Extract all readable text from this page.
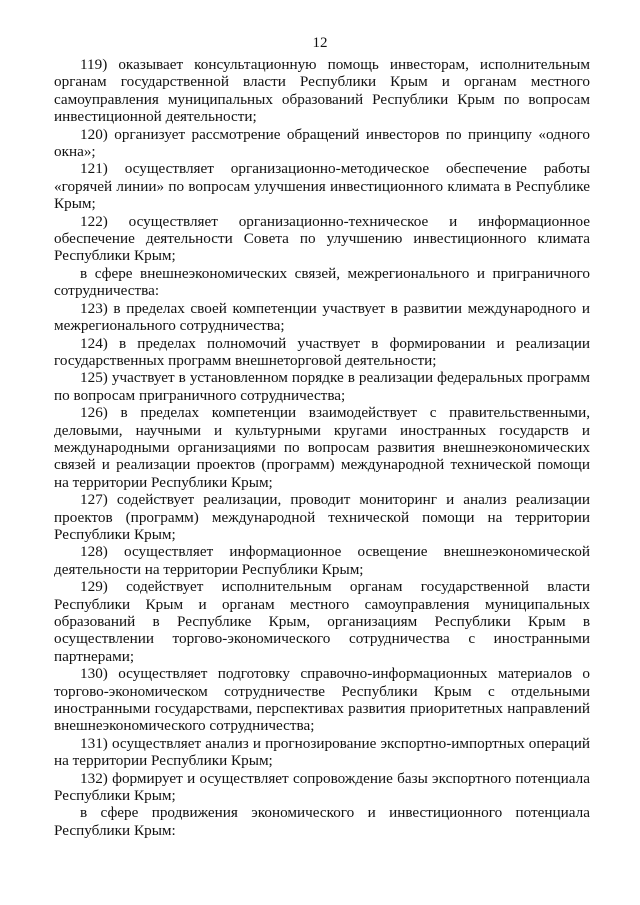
12

119) оказывает консультационную помощь инвесторам, исполнительным органам государственной власти Республики Крым и органам местного самоуправления муниципальных образований Республики Крым по вопросам инвестиционной деятельности;

120) организует рассмотрение обращений инвесторов по принципу «одного окна»;

121) осуществляет организационно-методическое обеспечение работы «горячей линии» по вопросам улучшения инвестиционного климата в Республике Крым;

122) осуществляет организационно-техническое и информационное обеспечение деятельности Совета по улучшению инвестиционного климата Республики Крым;

в сфере внешнеэкономических связей, межрегионального и приграничного сотрудничества:

123) в пределах своей компетенции участвует в развитии международного и межрегионального сотрудничества;

124) в пределах полномочий участвует в формировании и реализации государственных программ внешнеторговой деятельности;

125) участвует в установленном порядке в реализации федеральных программ по вопросам приграничного сотрудничества;

126) в пределах компетенции взаимодействует с правительственными, деловыми, научными и культурными кругами иностранных государств и международными организациями по вопросам развития внешнеэкономических связей и реализации проектов (программ) международной технической помощи на территории Республики Крым;

127) содействует реализации, проводит мониторинг и анализ реализации проектов (программ) международной технической помощи на территории Республики Крым;

128) осуществляет информационное освещение внешнеэкономической деятельности на территории Республики Крым;

129) содействует исполнительным органам государственной власти Республики Крым и органам местного самоуправления муниципальных образований в Республике Крым, организациям Республики Крым в осуществлении торгово-экономического сотрудничества с иностранными партнерами;

130) осуществляет подготовку справочно-информационных материалов о торгово-экономическом сотрудничестве Республики Крым с отдельными иностранными государствами, перспективах развития приоритетных направлений внешнеэкономического сотрудничества;

131) осуществляет анализ и прогнозирование экспортно-импортных операций на территории Республики Крым;

132) формирует и осуществляет сопровождение базы экспортного потенциала Республики Крым;

в сфере продвижения экономического и инвестиционного потенциала Республики Крым:
